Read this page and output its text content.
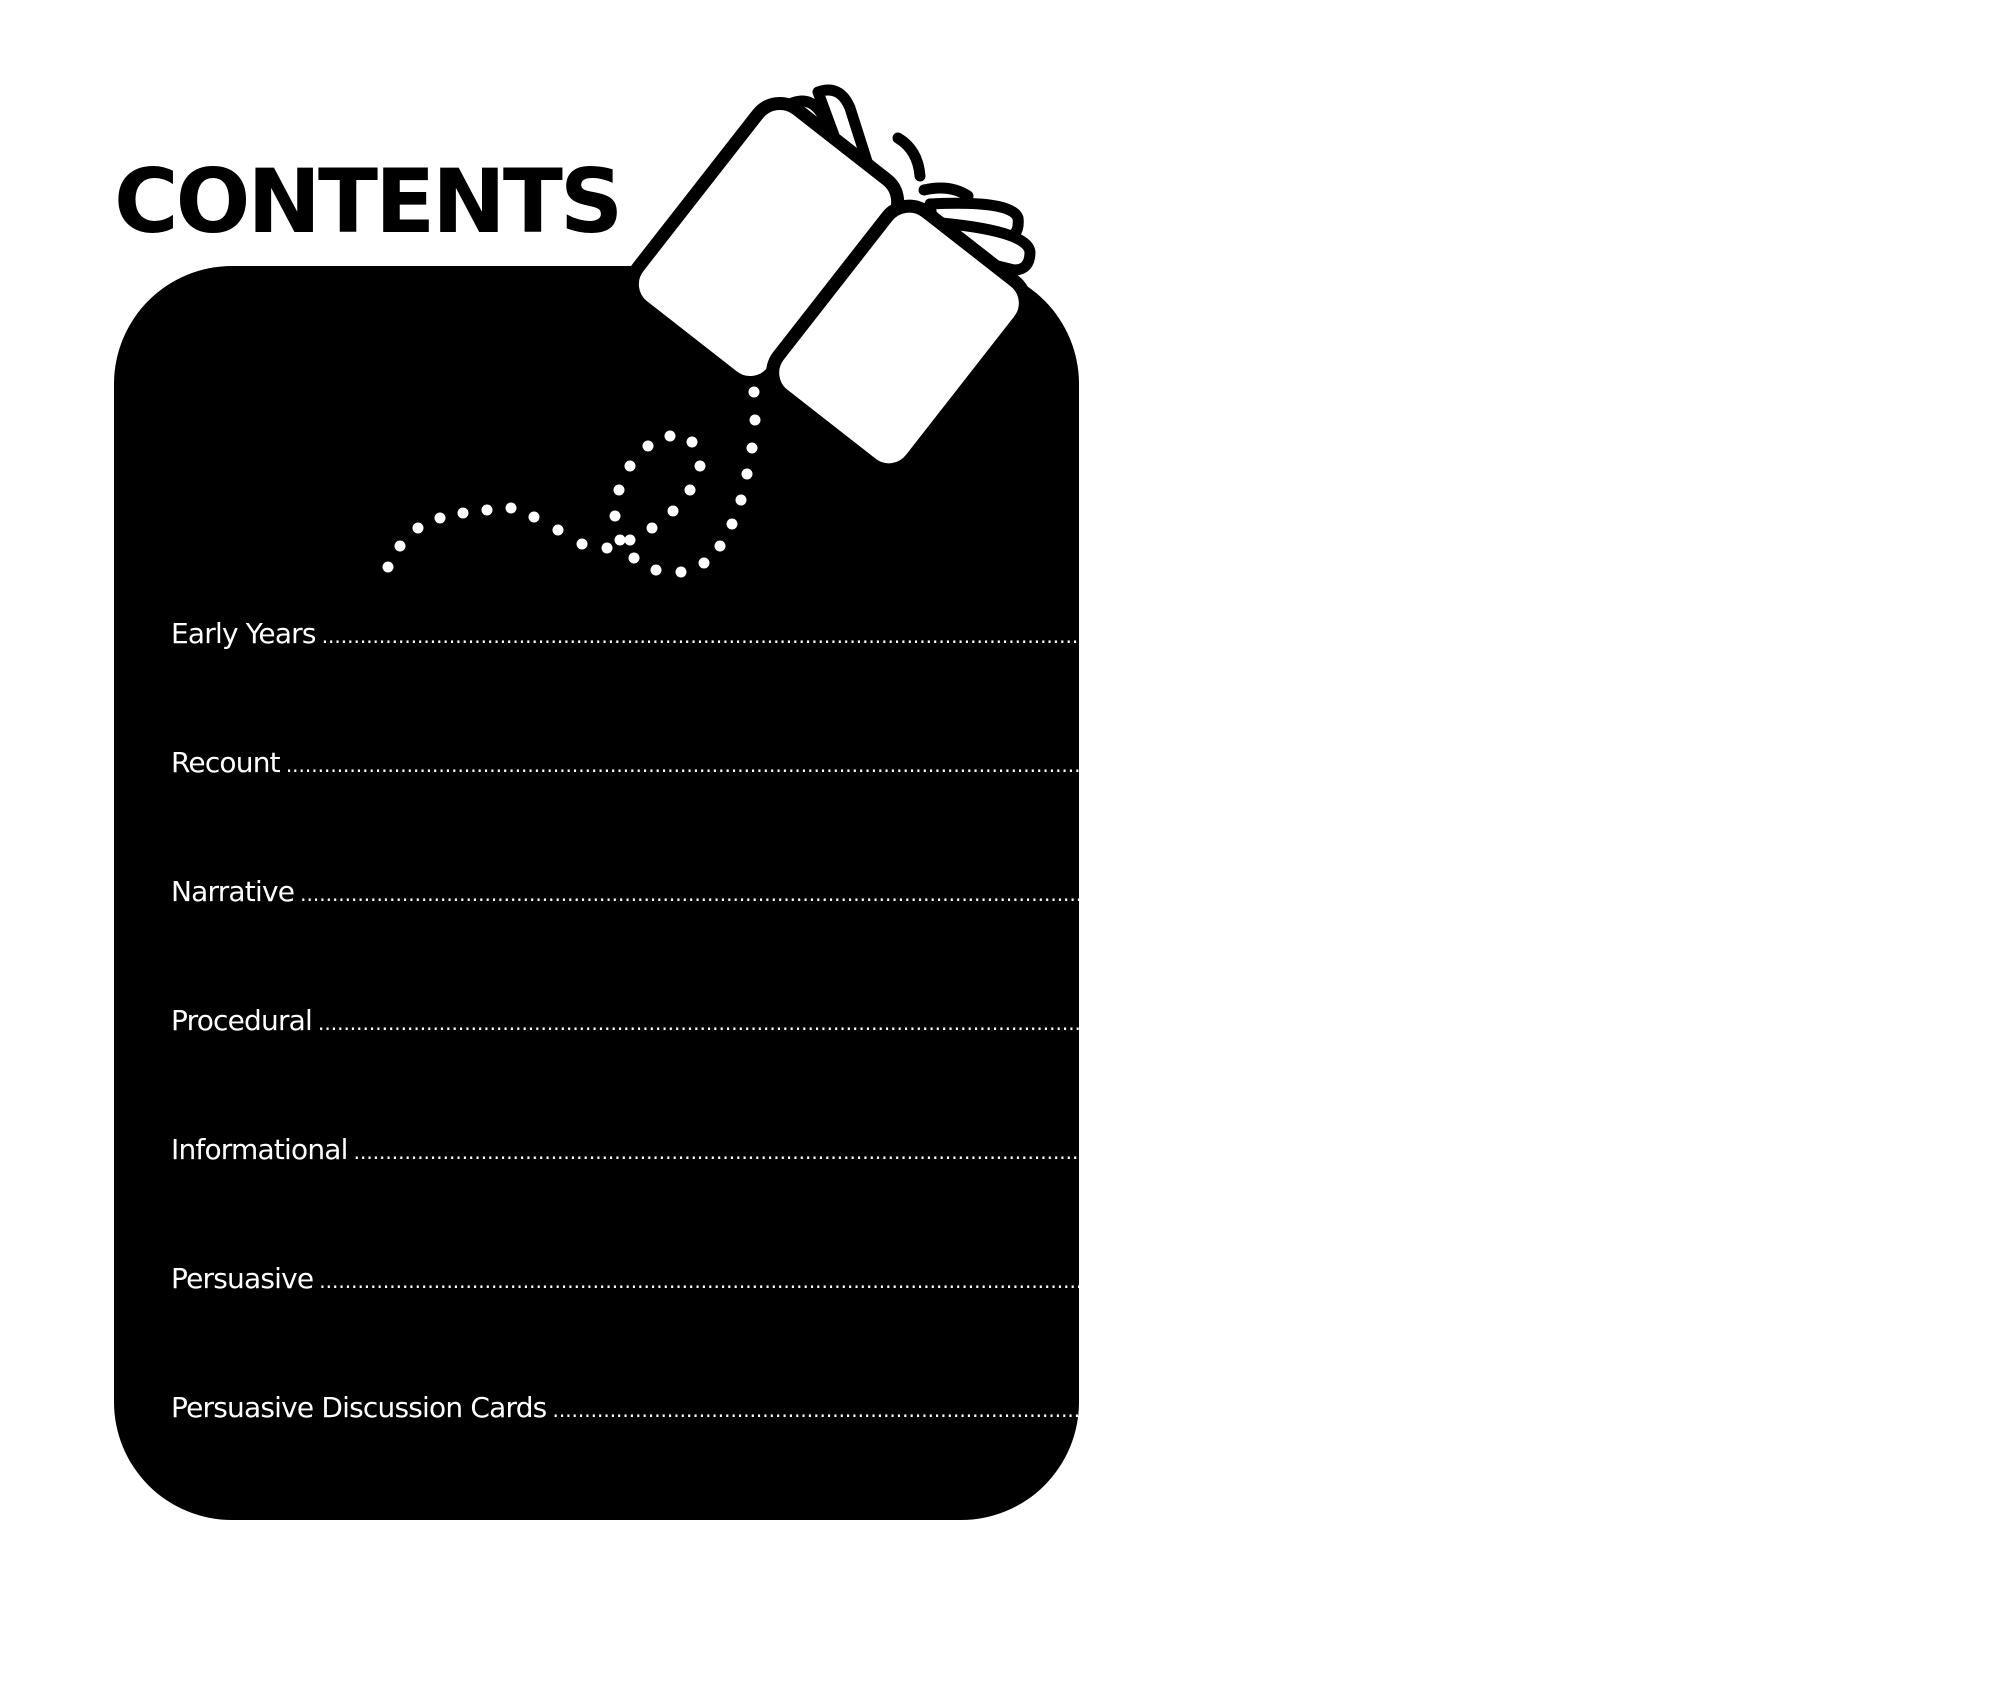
CONTENTS
Early Years .............................................................................................................................................................................................................................. 6
Recount .............................................................................................................................................................................................................................. 17
Narrative .............................................................................................................................................................................................................................. 23
Procedural .............................................................................................................................................................................................................................. 37
Informational .............................................................................................................................................................................................................................. 44
Persuasive .............................................................................................................................................................................................................................. 55
Persuasive Discussion Cards .............................................................................................................................................................................................................................. 70
